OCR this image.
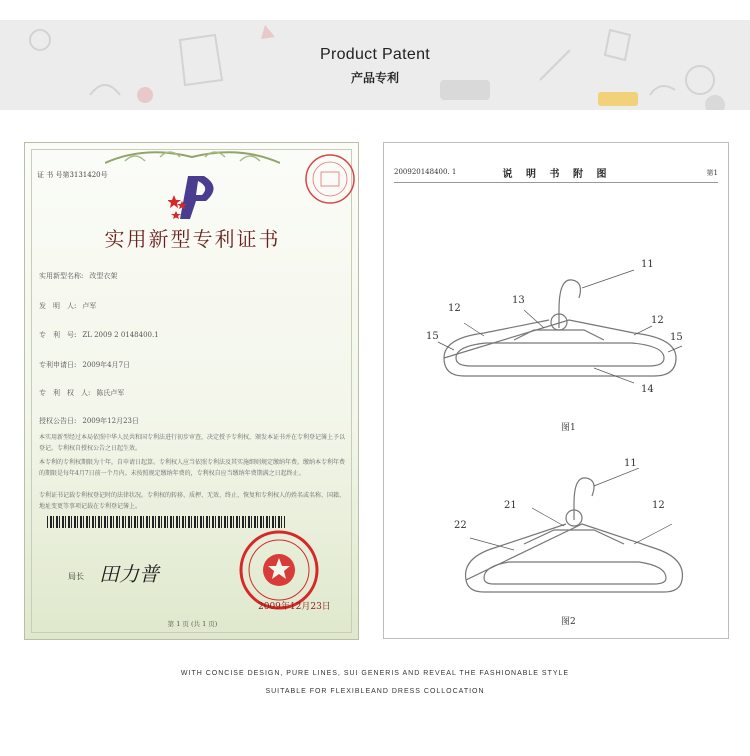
Product Patent
产品专利
证 书 号第3131420号
实用新型专利证书
实用新型名称: 改型衣架
发　明　人: 卢军
专　利　号: ZL 2009 2 0148400.1
专利申请日: 2009年4月7日
专　利　权　人: 陈氏卢军
授权公告日: 2009年12月23日
本实用新型经过本局依照中华人民共和国专利法进行初步审查，决定授予专利权，颁发本证书并在专利登记簿上予以登记。专利权自授权公告之日起生效。
本专利的专利权期限为十年，自申请日起算。专利权人应当依照专利法及其实施细则规定缴纳年费。缴纳本专利年费的期限是每年4月7日前一个月内。未按照规定缴纳年费的，专利权自应当缴纳年费期满之日起终止。
专利证书记载专利权登记时的法律状况。专利权的转移、质押、无效、终止、恢复和专利权人的姓名或名称、国籍、地址变更等事项记载在专利登记簿上。
局长 田力普
2009年12月23日
第 1 页 (共 1 页)
200920148400. 1	说 明 书 附 图	第1
11
12
13
15
12
15
14
图1
11
21	12
22
图2
WITH CONCISE DESIGN, PURE LINES, SUI GENERIS AND REVEAL THE FASHIONABLE STYLE
SUITABLE FOR FLEXIBLEAND DRESS COLLOCATION
